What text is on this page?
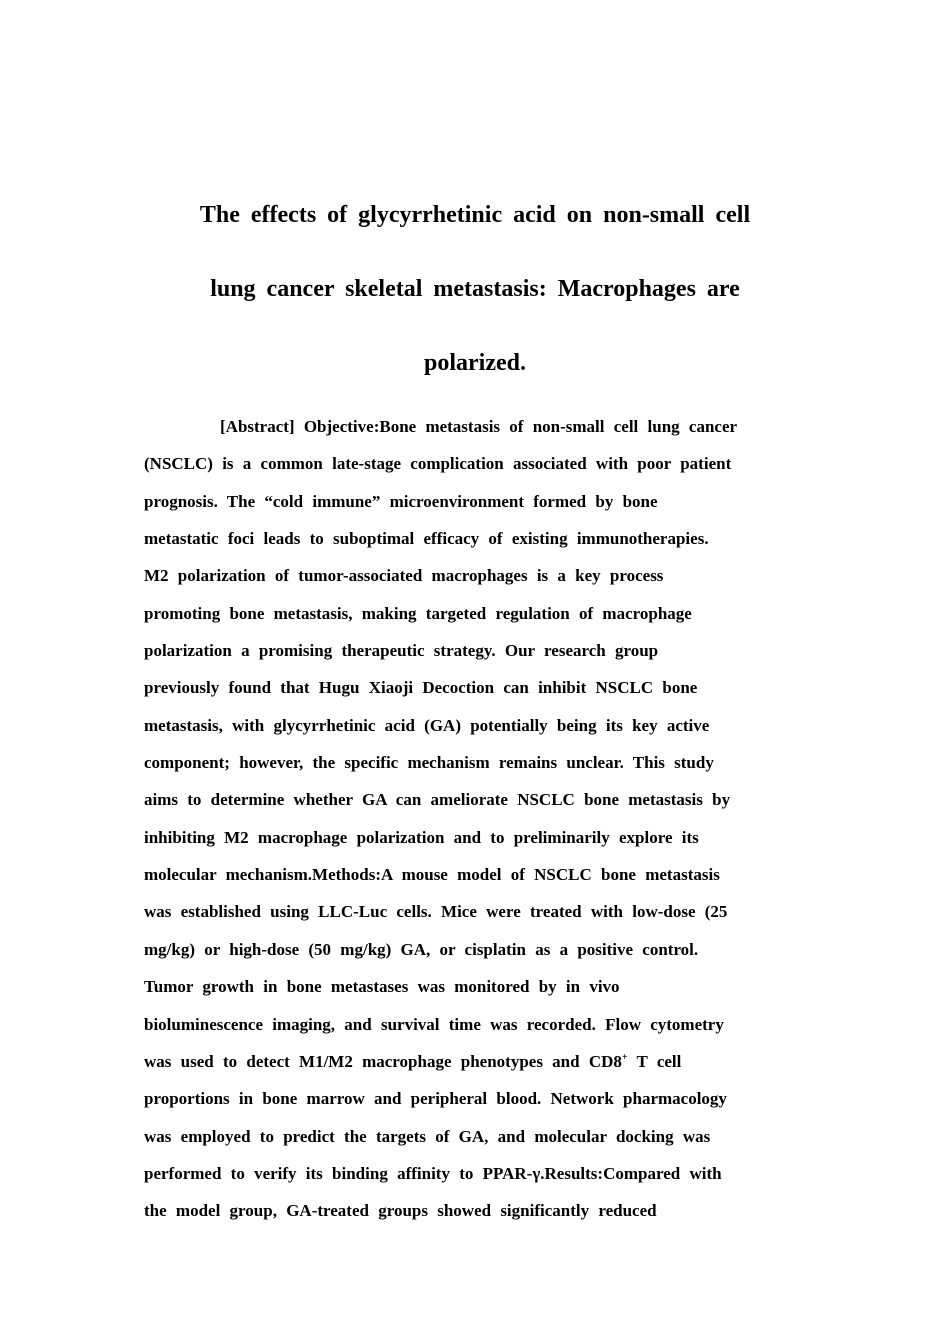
The effects of glycyrrhetinic acid on non-small cell
lung cancer skeletal metastasis: Macrophages are
polarized.
[Abstract] Objective:Bone metastasis of non-small cell lung cancer
(NSCLC) is a common late-stage complication associated with poor patient
prognosis. The “cold immune” microenvironment formed by bone
metastatic foci leads to suboptimal efficacy of existing immunotherapies.
M2 polarization of tumor-associated macrophages is a key process
promoting bone metastasis, making targeted regulation of macrophage
polarization a promising therapeutic strategy. Our research group
previously found that Hugu Xiaoji Decoction can inhibit NSCLC bone
metastasis, with glycyrrhetinic acid (GA) potentially being its key active
component; however, the specific mechanism remains unclear. This study
aims to determine whether GA can ameliorate NSCLC bone metastasis by
inhibiting M2 macrophage polarization and to preliminarily explore its
molecular mechanism.Methods:A mouse model of NSCLC bone metastasis
was established using LLC-Luc cells. Mice were treated with low-dose (25
mg/kg) or high-dose (50 mg/kg) GA, or cisplatin as a positive control.
Tumor growth in bone metastases was monitored by in vivo
bioluminescence imaging, and survival time was recorded. Flow cytometry
was used to detect M1/M2 macrophage phenotypes and CD8+ T cell
proportions in bone marrow and peripheral blood. Network pharmacology
was employed to predict the targets of GA, and molecular docking was
performed to verify its binding affinity to PPAR-γ.Results:Compared with
the model group, GA-treated groups showed significantly reduced
